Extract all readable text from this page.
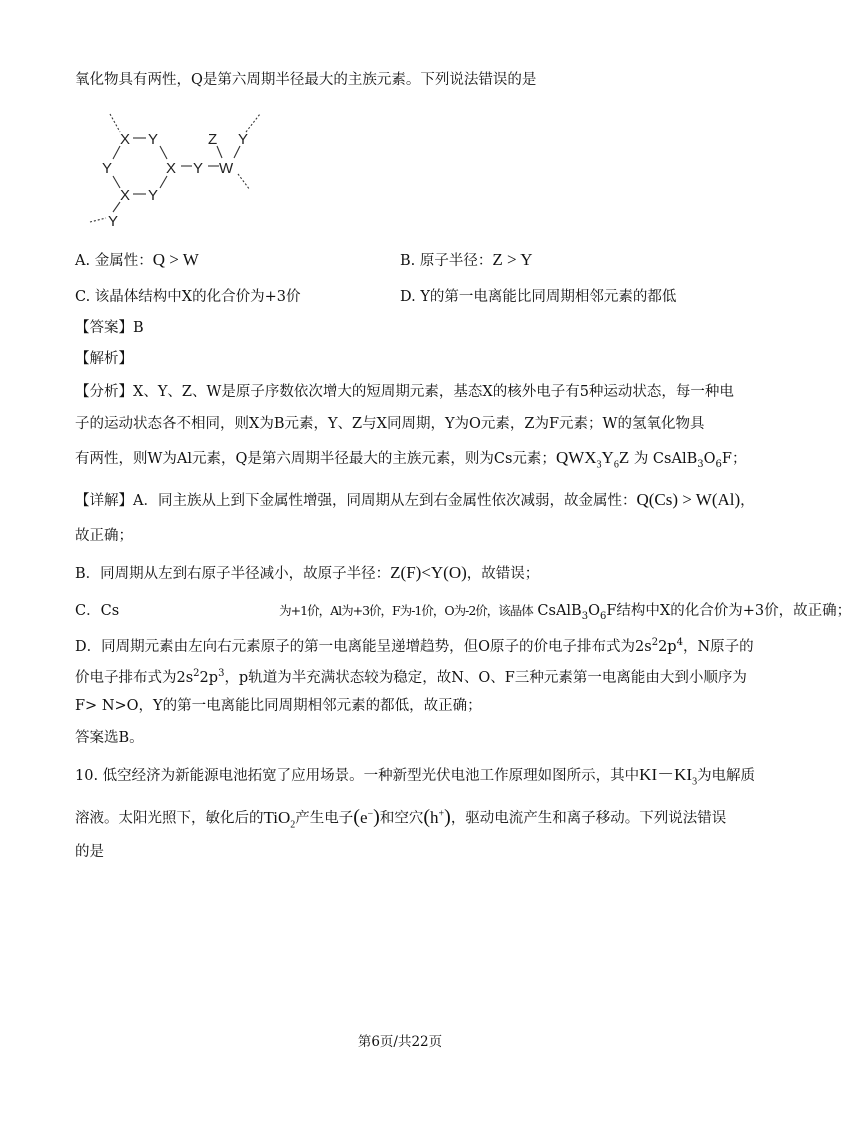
氧化物具有两性，Q是第六周期半径最大的主族元素。下列说法错误的是
X Y
Y	X Y
Y
X
Y
W
Z Y
A. 金属性：Q > W	B. 原子半径：Z > Y
C. 该晶体结构中X的化合价为+3价	D. Y的第一电离能比同周期相邻元素的都低
【答案】B
【解析】
【分析】X、Y、Z、W是原子序数依次增大的短周期元素，基态X的核外电子有5种运动状态，每一种电
子的运动状态各不相同，则X为B元素，Y、Z与X同周期，Y为O元素，Z为F元素；W的氢氧化物具
有两性，则W为Al元素，Q是第六周期半径最大的主族元素，则为Cs元素；$QWX_3Y_6Z$ 为 $CsAlB_3O_6F$；
【详解】A．同主族从上到下金属性增强，同周期从左到右金属性依次减弱，故金属性：Q(Cs) > W(Al)，
故正确；
B．同周期从左到右原子半径减小，故原子半径：Z(F)<Y(O)，故错误；
C．Cs	为+1价，Al为+3价，F为-1价，O为-2价，该晶体 $CsAlB_3O_6F$结构中X的化合价为+3价，故正确；
D．同周期元素由左向右元素原子的第一电离能呈递增趋势，但O原子的价电子排布式为$2s^22p^4$，N原子的
价电子排布式为$2s^22p^3$，p轨道为半充满状态较为稳定，故N、O、F三种元素第一电离能由大到小顺序为
F> N>O，Y的第一电离能比同周期相邻元素的都低，故正确；
答案选B。
10. 低空经济为新能源电池拓宽了应用场景。一种新型光伏电池工作原理如图所示，其中$KI-KI_3$为电解质
溶液。太阳光照下，敏化后的TiO$_2$产生电子(e−)和空穴(h+)，驱动电流产生和离子移动。下列说法错误
的是
第6页/共22页
